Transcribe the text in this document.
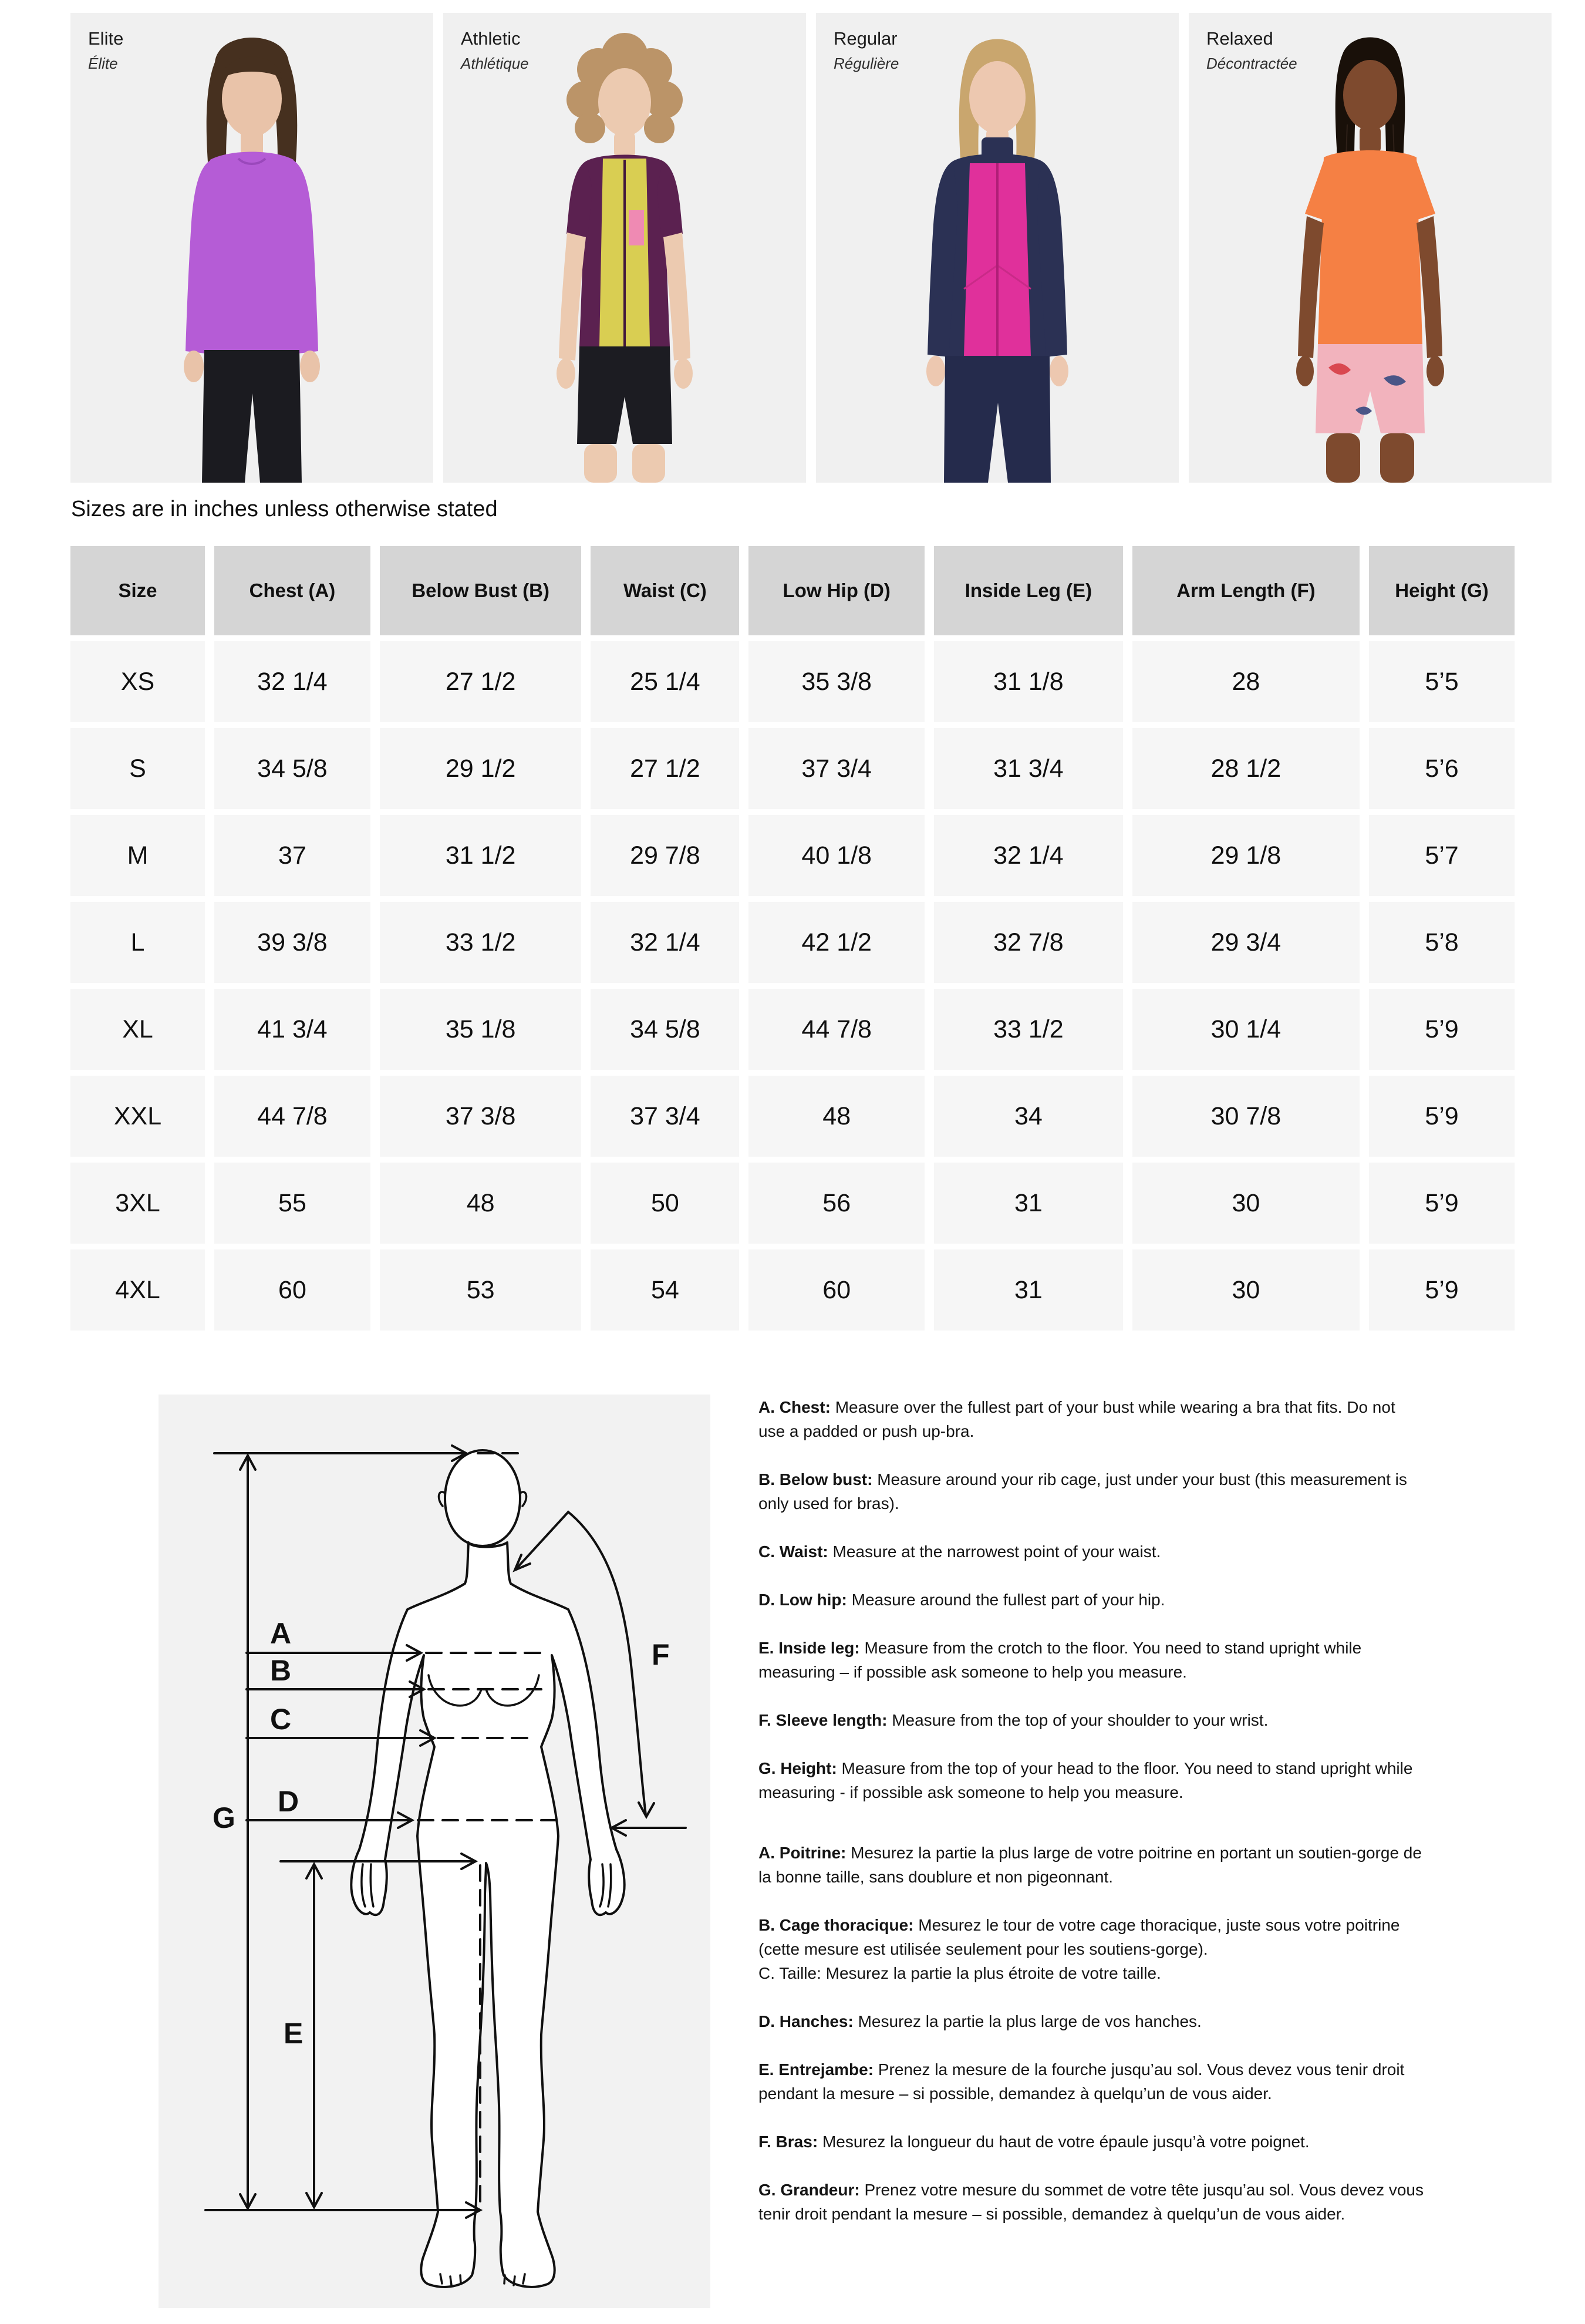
Elite
Élite
Athletic
Athlétique
Regular
Régulière
Relaxed
Décontractée

Sizes are in inches unless otherwise stated

Size	Chest (A)	Below Bust (B)	Waist (C)	Low Hip (D)	Inside Leg (E)	Arm Length (F)	Height (G)
XS	32 1/4	27 1/2	25 1/4	35 3/8	31 1/8	28	5’5
S	34 5/8	29 1/2	27 1/2	37 3/4	31 3/4	28 1/2	5’6
M	37	31 1/2	29 7/8	40 1/8	32 1/4	29 1/8	5’7
L	39 3/8	33 1/2	32 1/4	42 1/2	32 7/8	29 3/4	5’8
XL	41 3/4	35 1/8	34 5/8	44 7/8	33 1/2	30 1/4	5’9
XXL	44 7/8	37 3/8	37 3/4	48	34	30 7/8	5’9
3XL	55	48	50	56	31	30	5’9
4XL	60	53	54	60	31	30	5’9
A
B
C
D
G
E
F

A. Chest: Measure over the fullest part of your bust while wearing a bra that fits. Do not use a padded or push up-bra.

B. Below bust: Measure around your rib cage, just under your bust (this measurement is only used for bras).

C. Waist: Measure at the narrowest point of your waist.

D. Low hip: Measure around the fullest part of your hip.

E. Inside leg: Measure from the crotch to the floor. You need to stand upright while measuring – if possible ask someone to help you measure.

F. Sleeve length: Measure from the top of your shoulder to your wrist.

G. Height: Measure from the top of your head to the floor. You need to stand upright while measuring - if possible ask someone to help you measure.

A. Poitrine: Mesurez la partie la plus large de votre poitrine en portant un soutien-gorge de la bonne taille, sans doublure et non pigeonnant.

B. Cage thoracique: Mesurez le tour de votre cage thoracique, juste sous votre poitrine (cette mesure est utilisée seulement pour les soutiens-gorge).
C. Taille: Mesurez la partie la plus étroite de votre taille.

D. Hanches: Mesurez la partie la plus large de vos hanches.

E. Entrejambe: Prenez la mesure de la fourche jusqu’au sol. Vous devez vous tenir droit pendant la mesure – si possible, demandez à quelqu’un de vous aider.

F. Bras: Mesurez la longueur du haut de votre épaule jusqu’à votre poignet.

G. Grandeur: Prenez votre mesure du sommet de votre tête jusqu’au sol. Vous devez vous tenir droit pendant la mesure – si possible, demandez à quelqu’un de vous aider.
